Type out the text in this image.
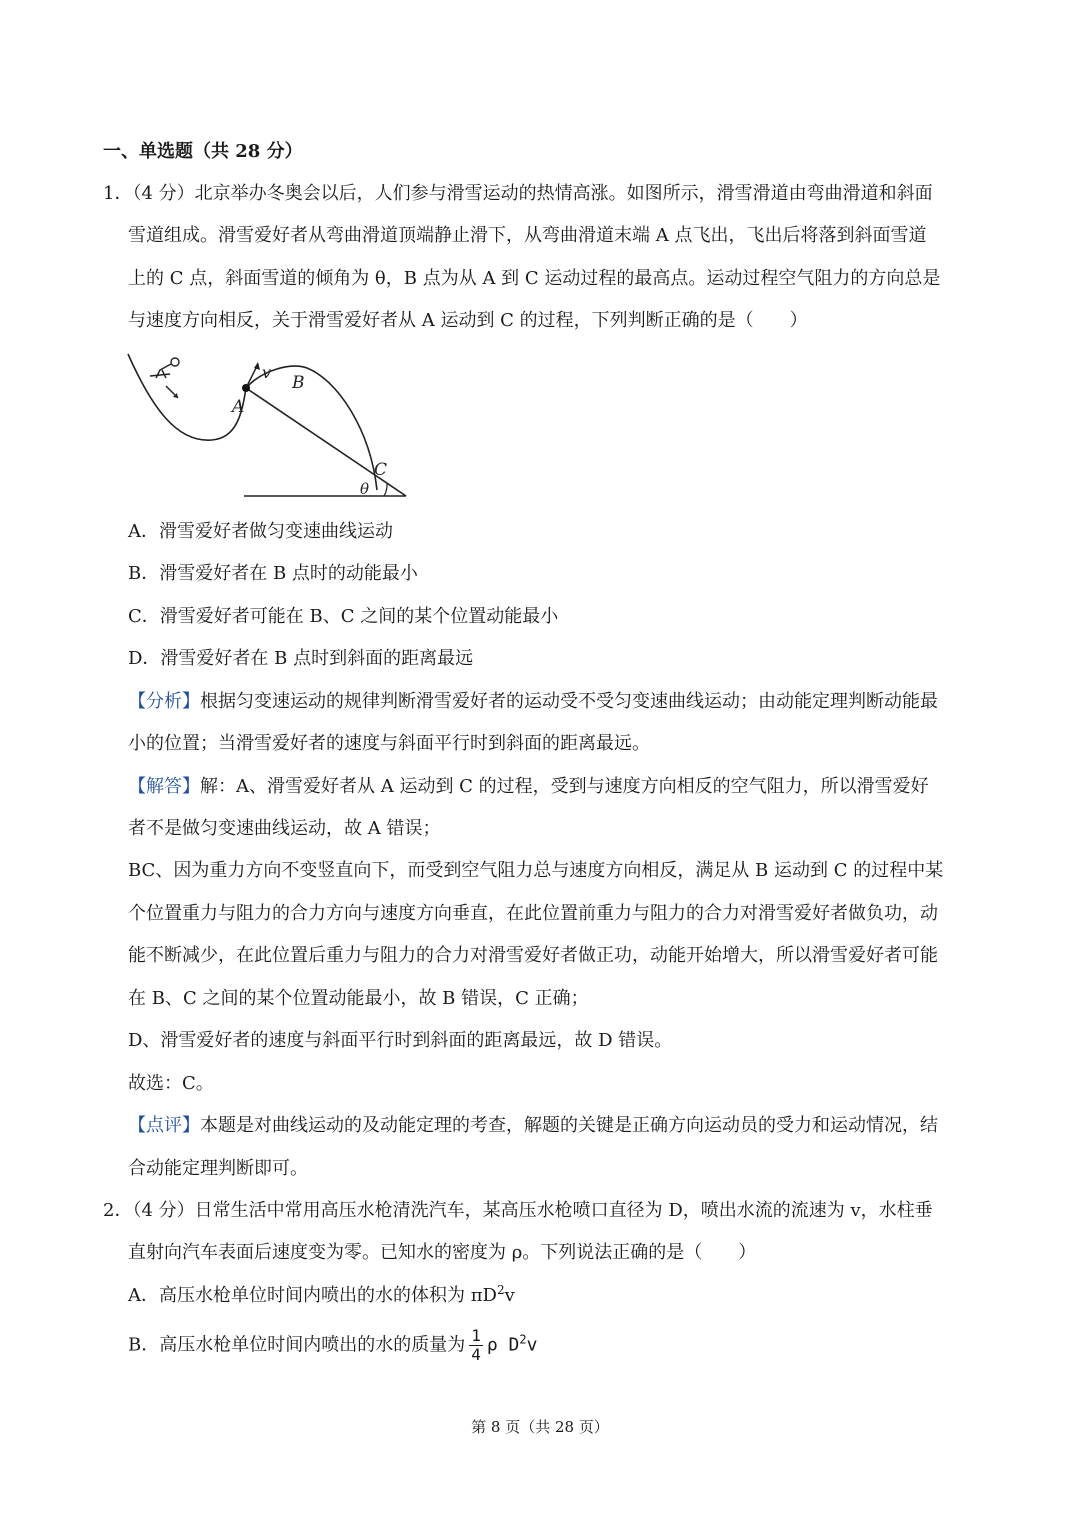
一、单选题（共 28 分）
1．（4 分）北京举办冬奥会以后，人们参与滑雪运动的热情高涨。如图所示，滑雪滑道由弯曲滑道和斜面
雪道组成。滑雪爱好者从弯曲滑道顶端静止滑下，从弯曲滑道末端 A 点飞出，飞出后将落到斜面雪道
上的 C 点，斜面雪道的倾角为 θ，B 点为从 A 到 C 运动过程的最高点。运动过程空气阻力的方向总是
与速度方向相反，关于滑雪爱好者从 A 运动到 C 的过程，下列判断正确的是（　　）
A
v
B
C
θ
A．滑雪爱好者做匀变速曲线运动
B．滑雪爱好者在 B 点时的动能最小
C．滑雪爱好者可能在 B、C 之间的某个位置动能最小
D．滑雪爱好者在 B 点时到斜面的距离最远
【分析】根据匀变速运动的规律判断滑雪爱好者的运动受不受匀变速曲线运动；由动能定理判断动能最
小的位置；当滑雪爱好者的速度与斜面平行时到斜面的距离最远。
【解答】解：A、滑雪爱好者从 A 运动到 C 的过程，受到与速度方向相反的空气阻力，所以滑雪爱好
者不是做匀变速曲线运动，故 A 错误；
BC、因为重力方向不变竖直向下，而受到空气阻力总与速度方向相反，满足从 B 运动到 C 的过程中某
个位置重力与阻力的合力方向与速度方向垂直，在此位置前重力与阻力的合力对滑雪爱好者做负功，动
能不断减少，在此位置后重力与阻力的合力对滑雪爱好者做正功，动能开始增大，所以滑雪爱好者可能
在 B、C 之间的某个位置动能最小，故 B 错误，C 正确；
D、滑雪爱好者的速度与斜面平行时到斜面的距离最远，故 D 错误。
故选：C。
【点评】本题是对曲线运动的及动能定理的考查，解题的关键是正确方向运动员的受力和运动情况，结
合动能定理判断即可。
2．（4 分）日常生活中常用高压水枪清洗汽车，某高压水枪喷口直径为 D，喷出水流的流速为 v，水柱垂
直射向汽车表面后速度变为零。已知水的密度为 ρ。下列说法正确的是（　　）
A．高压水枪单位时间内喷出的水的体积为 $\pi D^2v$
B．高压水枪单位时间内喷出的水的质量为 $\frac{1}{4}$ ρ $D^2v$
第 8 页（共 28 页）
